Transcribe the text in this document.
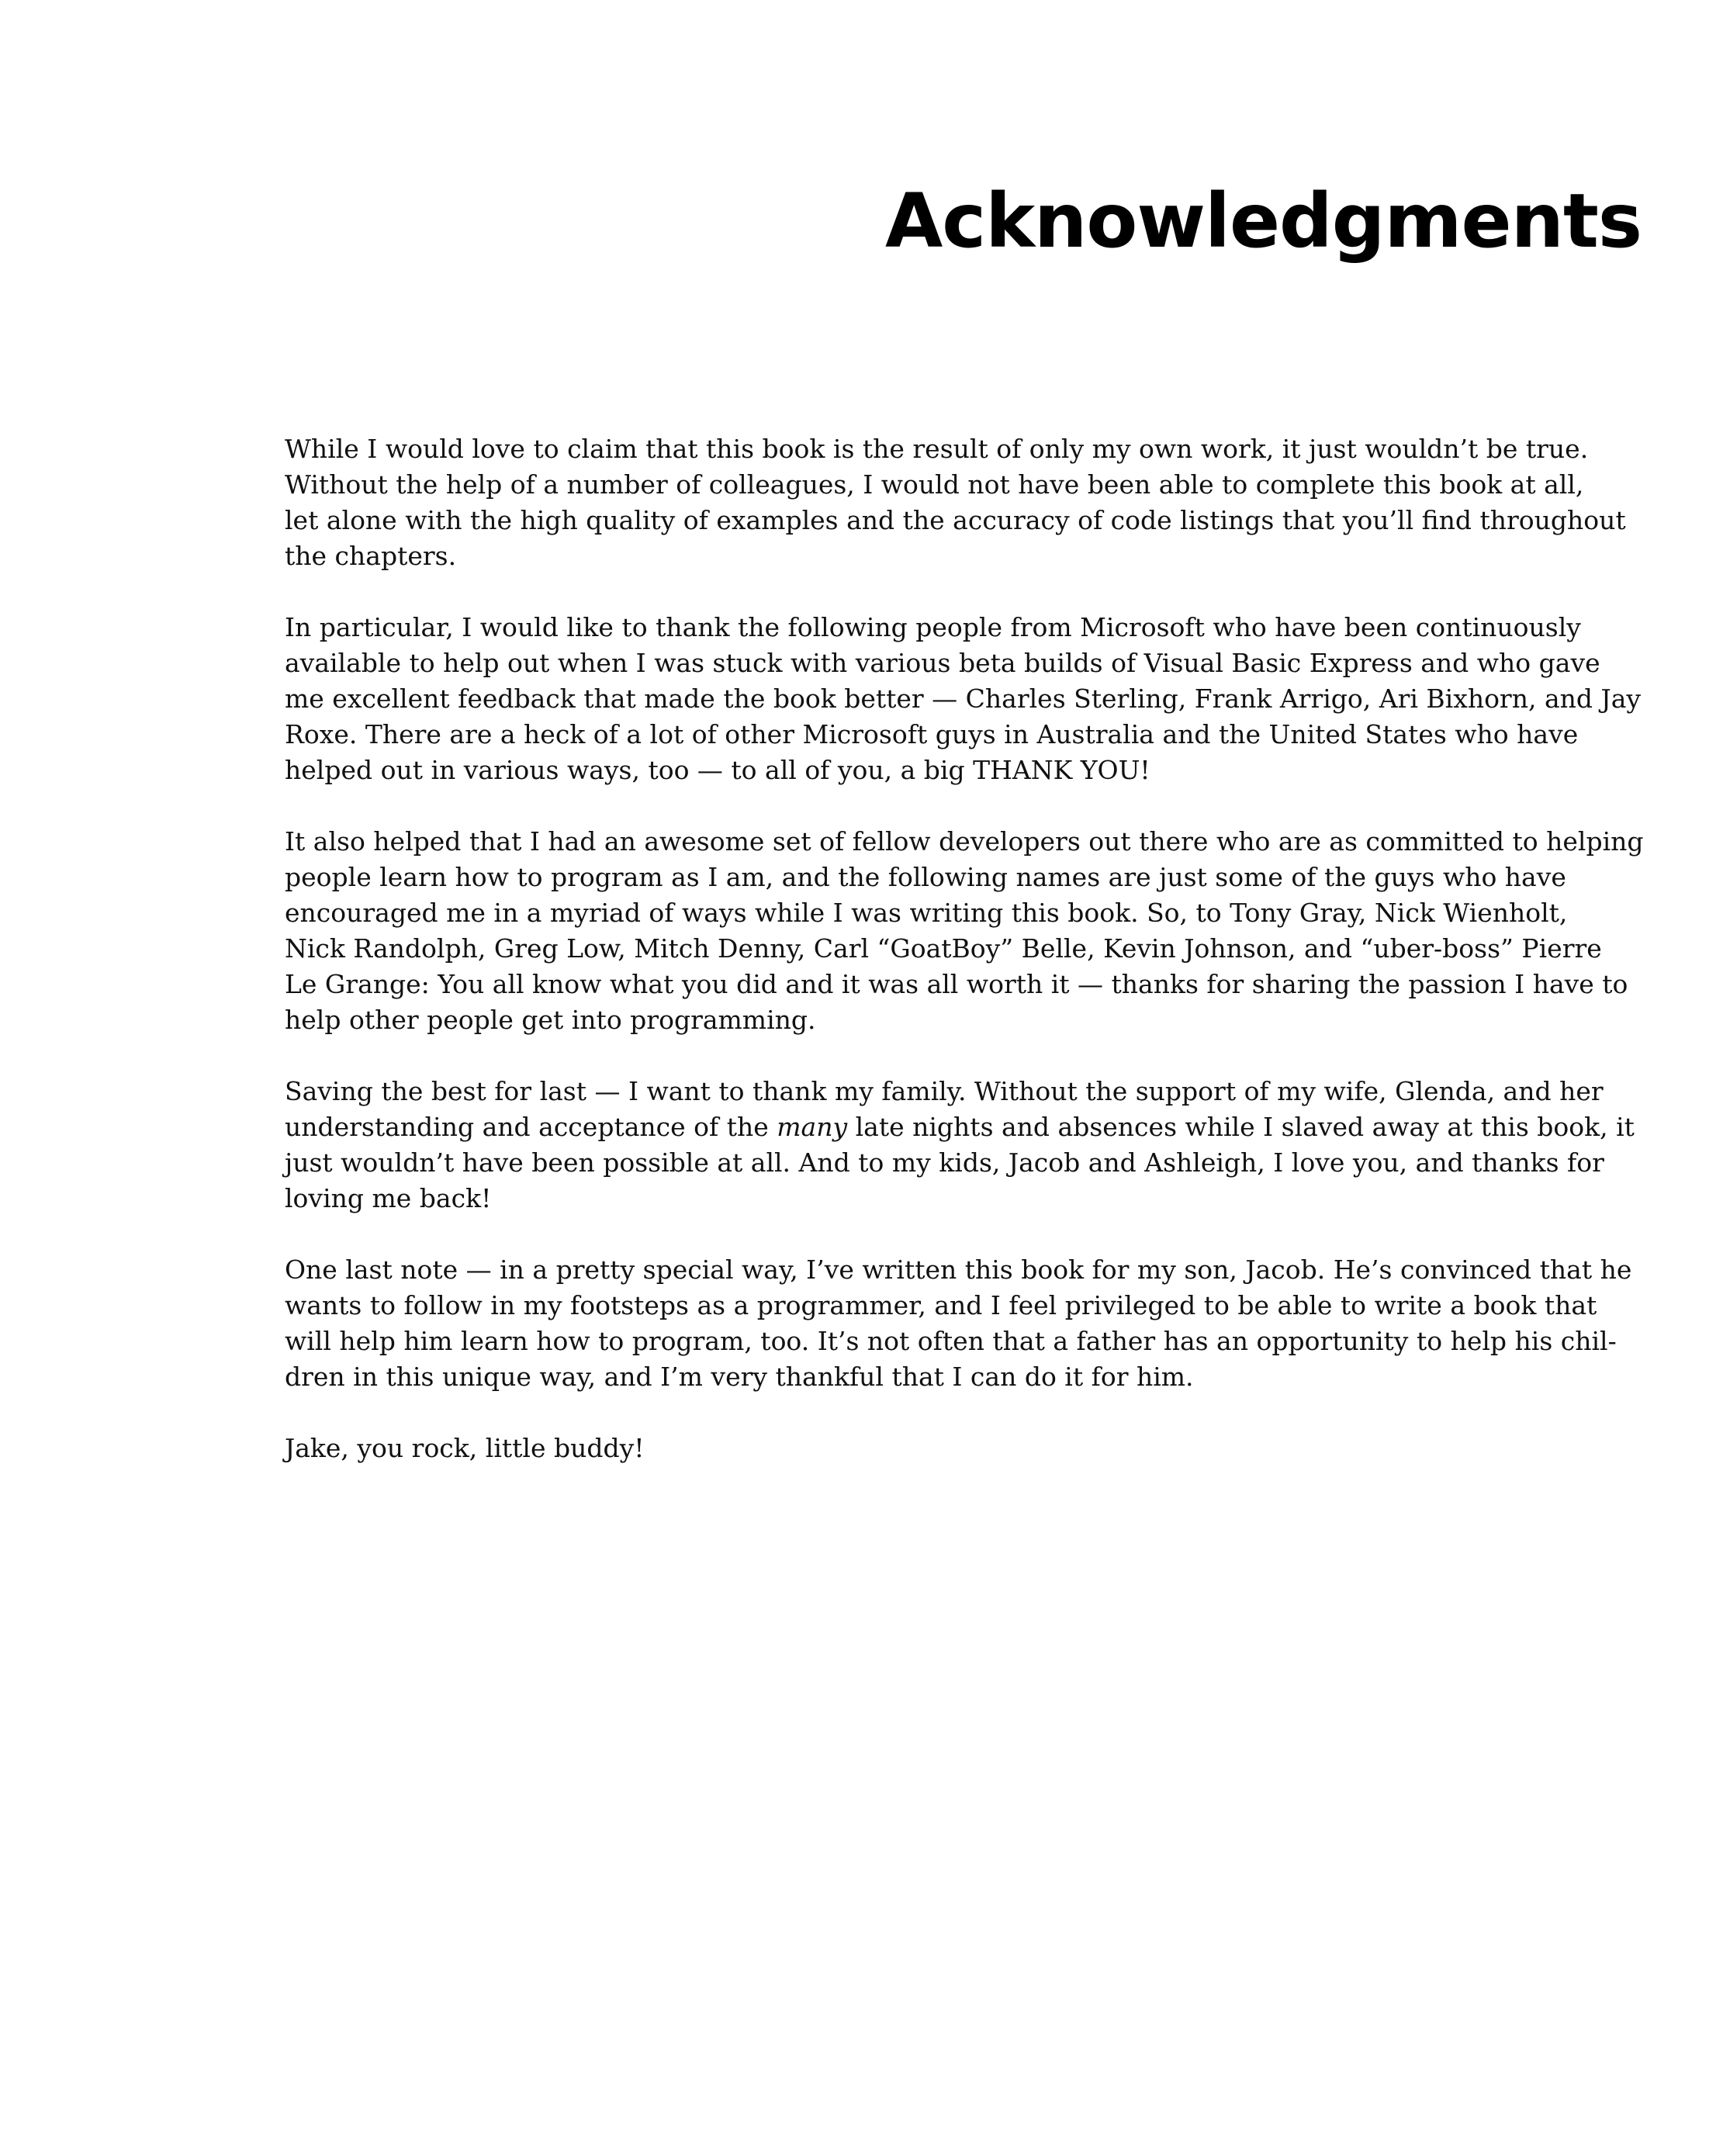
Acknowledgments

While I would love to claim that this book is the result of only my own work, it just wouldn’t be true.
Without the help of a number of colleagues, I would not have been able to complete this book at all,
let alone with the high quality of examples and the accuracy of code listings that you’ll find throughout
the chapters.

In particular, I would like to thank the following people from Microsoft who have been continuously
available to help out when I was stuck with various beta builds of Visual Basic Express and who gave
me excellent feedback that made the book better — Charles Sterling, Frank Arrigo, Ari Bixhorn, and Jay
Roxe. There are a heck of a lot of other Microsoft guys in Australia and the United States who have
helped out in various ways, too — to all of you, a big THANK YOU!

It also helped that I had an awesome set of fellow developers out there who are as committed to helping
people learn how to program as I am, and the following names are just some of the guys who have
encouraged me in a myriad of ways while I was writing this book. So, to Tony Gray, Nick Wienholt,
Nick Randolph, Greg Low, Mitch Denny, Carl “GoatBoy” Belle, Kevin Johnson, and “uber-boss” Pierre
Le Grange: You all know what you did and it was all worth it — thanks for sharing the passion I have to
help other people get into programming.

Saving the best for last — I want to thank my family. Without the support of my wife, Glenda, and her
understanding and acceptance of the many late nights and absences while I slaved away at this book, it
just wouldn’t have been possible at all. And to my kids, Jacob and Ashleigh, I love you, and thanks for
loving me back!

One last note — in a pretty special way, I’ve written this book for my son, Jacob. He’s convinced that he
wants to follow in my footsteps as a programmer, and I feel privileged to be able to write a book that
will help him learn how to program, too. It’s not often that a father has an opportunity to help his chil-
dren in this unique way, and I’m very thankful that I can do it for him.

Jake, you rock, little buddy!
